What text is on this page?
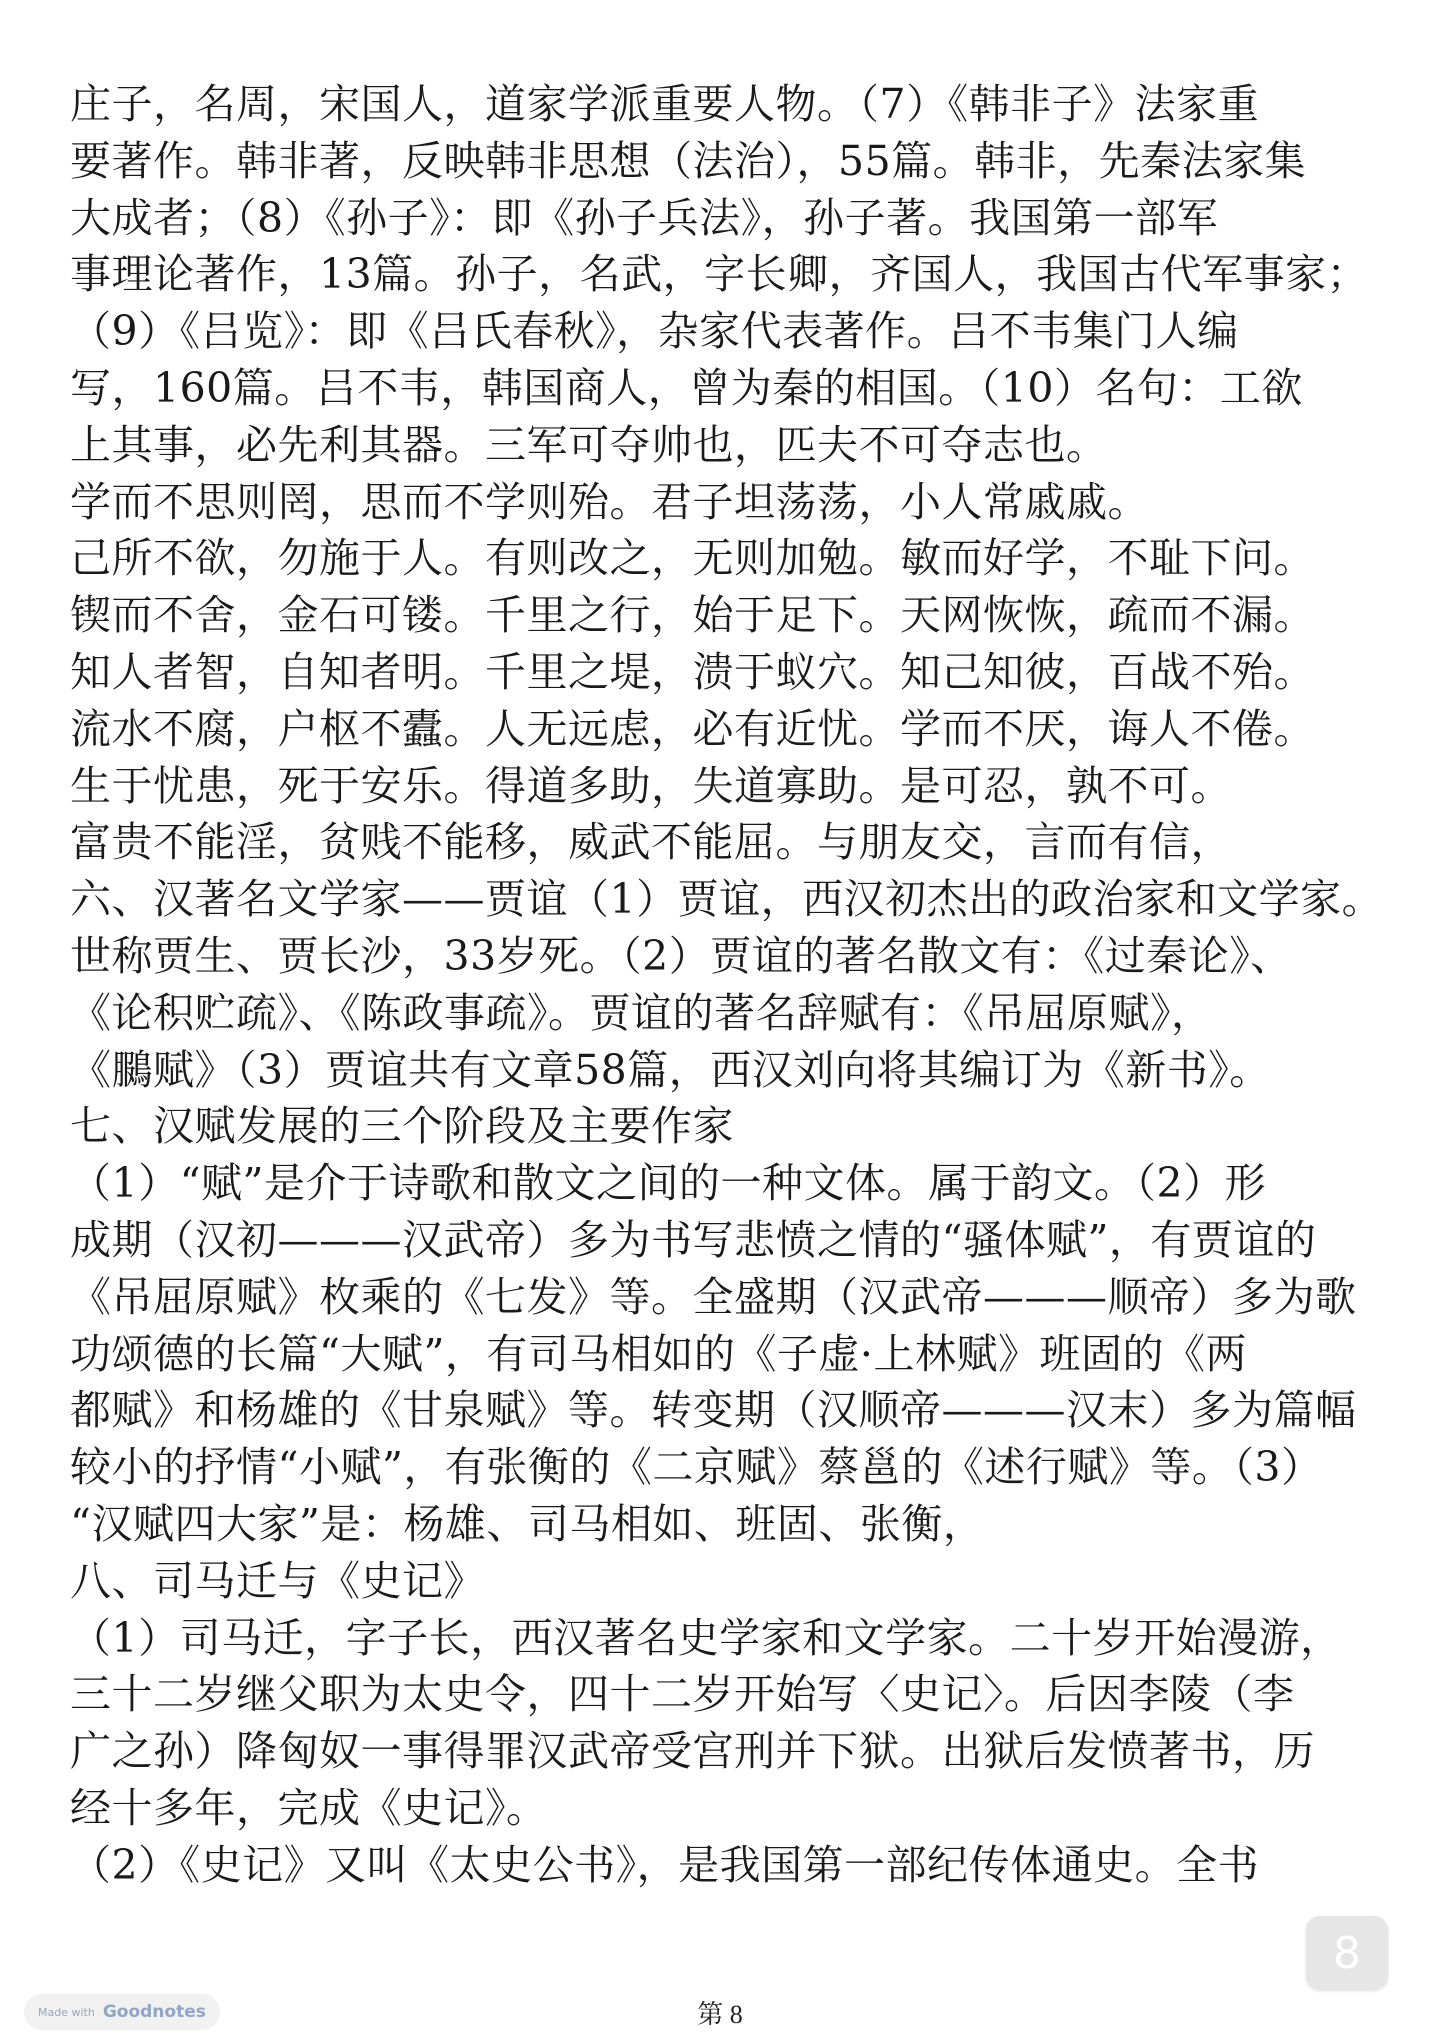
庄子，名周，宋国人，道家学派重要人物。（7）《韩非子》法家重
要著作。韩非著，反映韩非思想（法治），55篇。韩非，先秦法家集
大成者；（8）《孙子》：即《孙子兵法》，孙子著。我国第一部军
事理论著作，13篇。孙子，名武，字长卿，齐国人，我国古代军事家；
（9）《吕览》：即《吕氏春秋》，杂家代表著作。吕不韦集门人编
写，160篇。吕不韦，韩国商人，曾为秦的相国。（10）名句：工欲
上其事，必先利其器。三军可夺帅也，匹夫不可夺志也。
学而不思则罔，思而不学则殆。君子坦荡荡，小人常戚戚。
己所不欲，勿施于人。有则改之，无则加勉。敏而好学，不耻下问。
锲而不舍，金石可镂。千里之行，始于足下。天网恢恢，疏而不漏。
知人者智，自知者明。千里之堤，溃于蚁穴。知己知彼，百战不殆。
流水不腐，户枢不蠹。人无远虑，必有近忧。学而不厌，诲人不倦。
生于忧患，死于安乐。得道多助，失道寡助。是可忍，孰不可。
富贵不能淫，贫贱不能移，威武不能屈。与朋友交，言而有信，
六、汉著名文学家——贾谊（1）贾谊，西汉初杰出的政治家和文学家。
世称贾生、贾长沙，33岁死。（2）贾谊的著名散文有：《过秦论》、
《论积贮疏》、《陈政事疏》。贾谊的著名辞赋有：《吊屈原赋》，
《鵩赋》（3）贾谊共有文章58篇，西汉刘向将其编订为《新书》。
七、汉赋发展的三个阶段及主要作家
（1）“赋”是介于诗歌和散文之间的一种文体。属于韵文。（2）形
成期（汉初———汉武帝）多为书写悲愤之情的“骚体赋”，有贾谊的
《吊屈原赋》枚乘的《七发》等。全盛期（汉武帝———顺帝）多为歌
功颂德的长篇“大赋”，有司马相如的《子虚·上林赋》班固的《两
都赋》和杨雄的《甘泉赋》等。转变期（汉顺帝———汉末）多为篇幅
较小的抒情“小赋”，有张衡的《二京赋》蔡邕的《述行赋》等。（3）
“汉赋四大家”是：杨雄、司马相如、班固、张衡，
八、司马迁与《史记》
（1）司马迁，字子长，西汉著名史学家和文学家。二十岁开始漫游，
三十二岁继父职为太史令，四十二岁开始写〈史记〉。后因李陵（李
广之孙）降匈奴一事得罪汉武帝受宫刑并下狱。出狱后发愤著书，历
经十多年，完成《史记》。
（2）《史记》又叫《太史公书》，是我国第一部纪传体通史。全书
8
第 8
Made with Goodnotes
